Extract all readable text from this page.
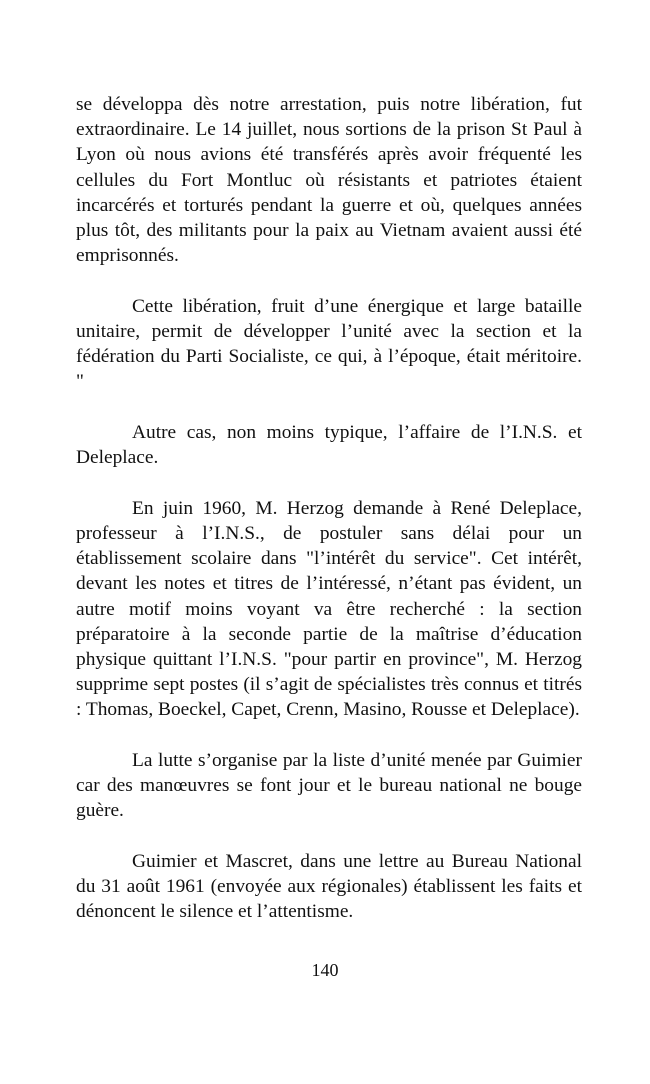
se développa dès notre arrestation, puis notre libération, fut extraordinaire. Le 14 juillet, nous sortions de la prison St Paul à Lyon où nous avions été transférés après avoir fréquenté les cellules du Fort Montluc où résistants et patriotes étaient incarcérés et torturés pendant la guerre et où, quelques années plus tôt, des militants pour la paix au Vietnam avaient aussi été emprisonnés.

Cette libération, fruit d’une énergique et large bataille unitaire, permit de développer l’unité avec la section et la fédération du Parti Socialiste, ce qui, à l’époque, était méritoire. "

Autre cas, non moins typique, l’affaire de l’I.N.S. et Deleplace.

En juin 1960, M. Herzog demande à René Deleplace, professeur à l’I.N.S., de postuler sans délai pour un établissement scolaire dans "l’intérêt du service". Cet intérêt, devant les notes et titres de l’intéressé, n’étant pas évident, un autre motif moins voyant va être recherché : la section préparatoire à la seconde partie de la maîtrise d’éducation physique quittant l’I.N.S. "pour partir en province", M. Herzog supprime sept postes (il s’agit de spécialistes très connus et titrés : Thomas, Boeckel, Capet, Crenn, Masino, Rousse et Deleplace).

La lutte s’organise par la liste d’unité menée par Guimier car des manœuvres se font jour et le bureau national ne bouge guère.

Guimier et Mascret, dans une lettre au Bureau National du 31 août 1961 (envoyée aux régionales) établissent les faits et dénoncent le silence et l’attentisme.

140
